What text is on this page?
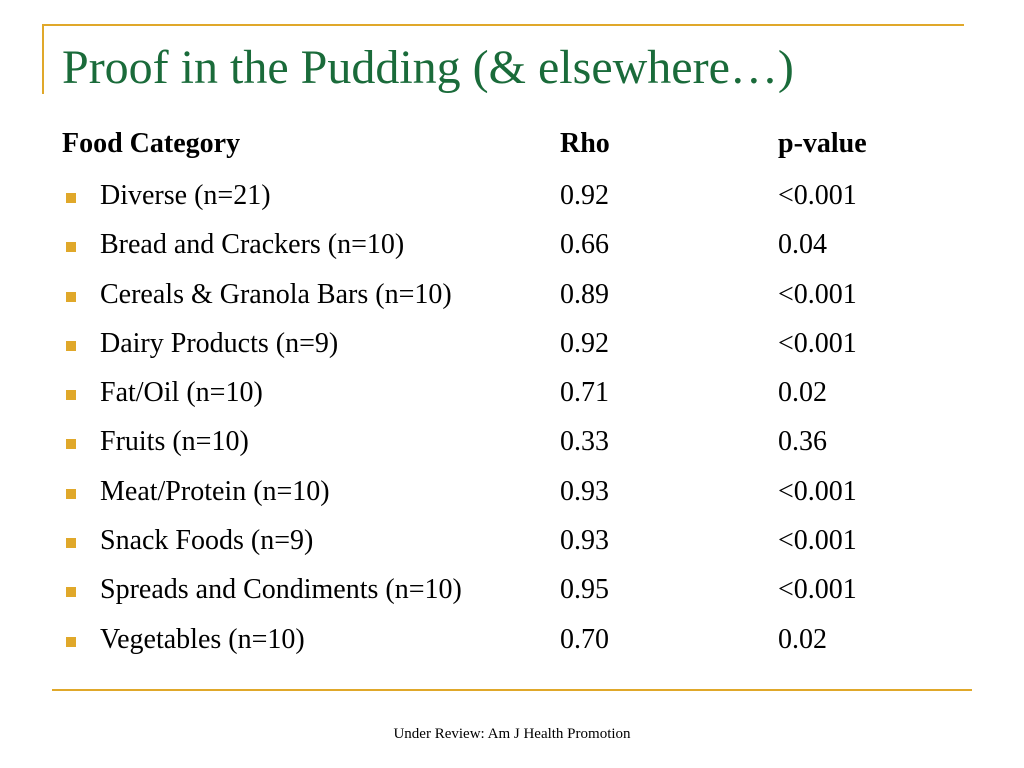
Proof in the Pudding (& elsewhere…)
Food Category	Rho	p-value
Diverse (n=21)	0.92	<0.001
Bread and Crackers (n=10)	0.66	0.04
Cereals & Granola Bars (n=10)	0.89	<0.001
Dairy Products (n=9)	0.92	<0.001
Fat/Oil (n=10)	0.71	0.02
Fruits (n=10)	0.33	0.36
Meat/Protein (n=10)	0.93	<0.001
Snack Foods (n=9)	0.93	<0.001
Spreads and Condiments (n=10)	0.95	<0.001
Vegetables (n=10)	0.70	0.02
Under Review: Am J Health Promotion
